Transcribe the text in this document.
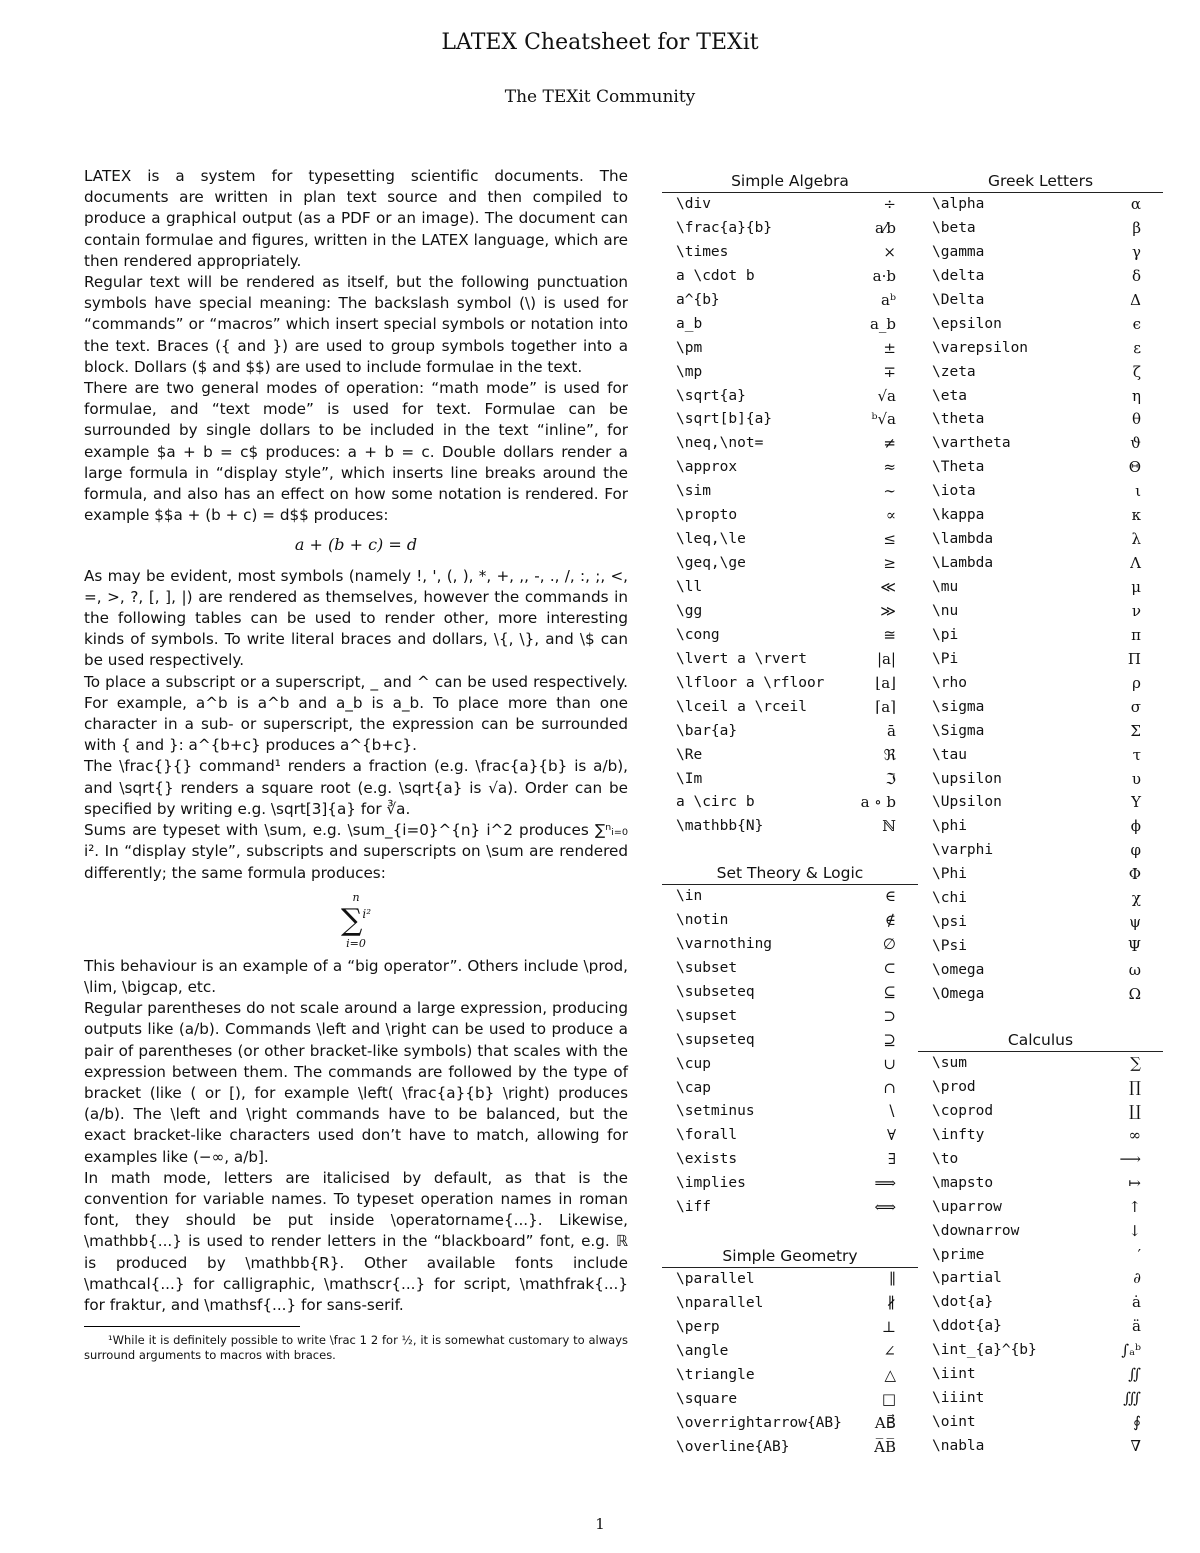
LATEX Cheatsheet for TEXit
The TEXit Community

LATEX is a system for typesetting scientific documents. The documents are written in plan text source and then compiled to produce a graphical output (as a PDF or an image). The document can contain formulae and figures, written in the LATEX language, which are then rendered appropriately.

Regular text will be rendered as itself, but the following punctuation symbols have special meaning: The backslash symbol (\) is used for “commands” or “macros” which insert special symbols or notation into the text. Braces ({ and }) are used to group symbols together into a block. Dollars ($ and $$) are used to include formulae in the text.

There are two general modes of operation: “math mode” is used for formulae, and “text mode” is used for text. Formulae can be surrounded by single dollars to be included in the text “inline”, for example $a + b = c$ produces: a + b = c. Double dollars render a large formula in “display style”, which inserts line breaks around the formula, and also has an effect on how some notation is rendered. For example $$a + (b + c) = d$$ produces:

a + (b + c) = d

As may be evident, most symbols (namely !, ', (, ), *, +, ,, -, ., /, :, ;, <, =, >, ?, [, ], |) are rendered as themselves, however the commands in the following tables can be used to render other, more interesting kinds of symbols. To write literal braces and dollars, \{, \}, and \$ can be used respectively.

To place a subscript or a superscript, _ and ^ can be used respectively. For example, a^b is a^b and a_b is a_b. To place more than one character in a sub- or superscript, the expression can be surrounded with { and }: a^{b+c} produces a^{b+c}.

The \frac{}{} command¹ renders a fraction (e.g. \frac{a}{b} is a/b), and \sqrt{} renders a square root (e.g. \sqrt{a} is √a). Order can be specified by writing e.g. \sqrt[3]{a} for ∛a.

Sums are typeset with \sum, e.g. \sum_{i=0}^{n} i^2 produces ∑ⁿᵢ₌₀ i². In “display style”, subscripts and superscripts on \sum are rendered differently; the same formula produces:

n
∑$^{i^2}$
i=0

This behaviour is an example of a “big operator”. Others include \prod, \lim, \bigcap, etc.

Regular parentheses do not scale around a large expression, producing outputs like (a/b). Commands \left and \right can be used to produce a pair of parentheses (or other bracket-like symbols) that scales with the expression between them. The commands are followed by the type of bracket (like ( or [), for example \left( \frac{a}{b} \right) produces (a/b). The \left and \right commands have to be balanced, but the exact bracket-like characters used don’t have to match, allowing for examples like (−∞, a/b].

In math mode, letters are italicised by default, as that is the convention for variable names. To typeset operation names in roman font, they should be put inside \operatorname{...}. Likewise, \mathbb{...} is used to render letters in the “blackboard” font, e.g. ℝ is produced by \mathbb{R}. Other available fonts include \mathcal{...} for calligraphic, \mathscr{...} for script, \mathfrak{...} for fraktur, and \mathsf{...} for sans-serif.

¹While it is definitely possible to write \frac 1 2 for ½, it is somewhat customary to always surround arguments to macros with braces.

Simple Algebra
\div	÷
\frac{a}{b}	a⁄b
\times	×
a \cdot b	a·b
a^{b}	aᵇ
a_b	a_b
\pm	±
\mp	∓
\sqrt{a}	√a
\sqrt[b]{a}	ᵇ√a
\neq,\not=	≠
\approx	≈
\sim	∼
\propto	∝
\leq,\le	≤
\geq,\ge	≥
\ll	≪
\gg	≫
\cong	≅
\lvert a \rvert	|a|
\lfloor a \rfloor	⌊a⌋
\lceil a \rceil	⌈a⌉
\bar{a}	ā
\Re	ℜ
\Im	ℑ
a \circ b	a ∘ b
\mathbb{N}	ℕ
Set Theory & Logic
\in	∈
\notin	∉
\varnothing	∅
\subset	⊂
\subseteq	⊆
\supset	⊃
\supseteq	⊇
\cup	∪
\cap	∩
\setminus	∖
\forall	∀
\exists	∃
\implies	⟹
\iff	⟺
Simple Geometry
\parallel	∥
\nparallel	∦
\perp	⊥
\angle	∠
\triangle	△
\square	□
\overrightarrow{AB} AB⃗
\overline{AB}	A̅B̅
Greek Letters
\alpha	α
\beta	β
\gamma	γ
\delta	δ
\Delta	Δ
\epsilon	ϵ
\varepsilon	ε
\zeta	ζ
\eta	η
\theta	θ
\vartheta	ϑ
\Theta	Θ
\iota	ι
\kappa	κ
\lambda	λ
\Lambda	Λ
\mu	μ
\nu	ν
\pi	π
\Pi	Π
\rho	ρ
\sigma	σ
\Sigma	Σ
\tau	τ
\upsilon	υ
\Upsilon	Υ
\phi	ϕ
\varphi	φ
\Phi	Φ
\chi	χ
\psi	ψ
\Psi	Ψ
\omega	ω
\Omega	Ω
Calculus
\sum	∑
\prod	∏
\coprod	∐
\infty	∞
\to	⟶
\mapsto	↦
\uparrow	↑
\downarrow	↓
\prime	′
\partial	∂
\dot{a}	ȧ
\ddot{a}	ä
\int_{a}^{b}	∫ₐᵇ
\iint	∬
\iiint	∭
\oint	∮
\nabla	∇
1
